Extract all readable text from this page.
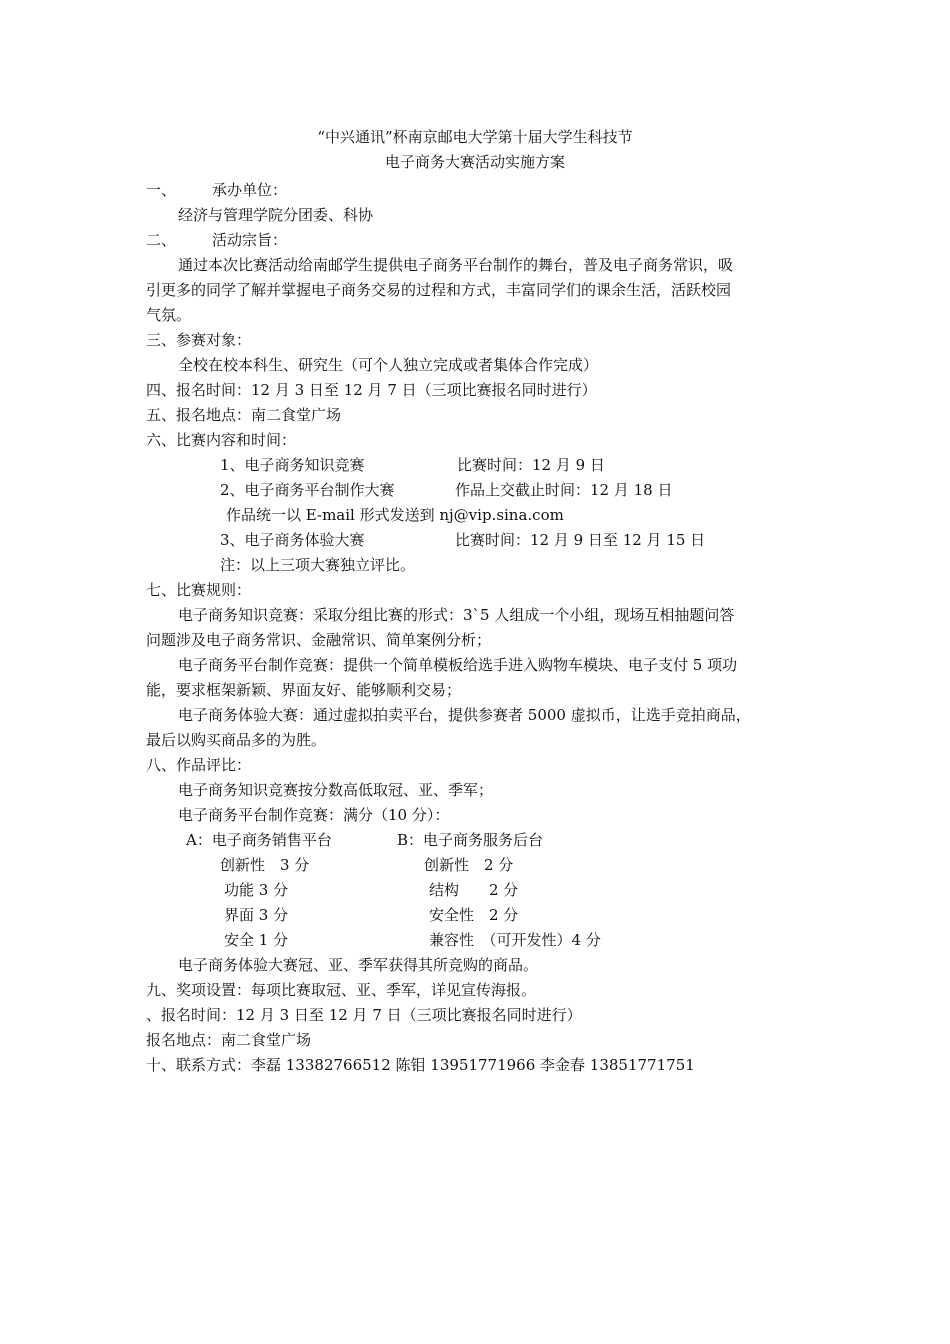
“中兴通讯”杯南京邮电大学第十届大学生科技节
电子商务大赛活动实施方案
一、 承办单位：
经济与管理学院分团委、科协
二、 活动宗旨：
通过本次比赛活动给南邮学生提供电子商务平台制作的舞台，普及电子商务常识，吸
引更多的同学了解并掌握电子商务交易的过程和方式，丰富同学们的课余生活，活跃校园
气氛。
三、参赛对象：
全校在校本科生、研究生（可个人独立完成或者集体合作完成）
四、报名时间：12 月 3 日至 12 月 7 日（三项比赛报名同时进行）
五、报名地点：南二食堂广场
六、比赛内容和时间：
1、电子商务知识竞赛	比赛时间：12 月 9 日
2、电子商务平台制作大赛	作品上交截止时间：12 月 18 日
作品统一以 E-mail 形式发送到 nj@vip.sina.com
3、电子商务体验大赛	比赛时间：12 月 9 日至 12 月 15 日
注：以上三项大赛独立评比。
七、比赛规则：
电子商务知识竞赛：采取分组比赛的形式：3`5 人组成一个小组，现场互相抽题问答
问题涉及电子商务常识、金融常识、简单案例分析；
电子商务平台制作竞赛：提供一个简单模板给选手进入购物车模块、电子支付 5 项功
能，要求框架新颖、界面友好、能够顺利交易；
电子商务体验大赛：通过虚拟拍卖平台，提供参赛者 5000 虚拟币，让选手竞拍商品，
最后以购买商品多的为胜。
八、作品评比：
电子商务知识竞赛按分数高低取冠、亚、季军；
电子商务平台制作竞赛：满分（10 分）：
A：电子商务销售平台	B：电子商务服务后台
创新性　3 分	创新性　2 分
功能 3 分	结构　　2 分
界面 3 分	安全性　2 分
安全 1 分	兼容性　（可开发性）4 分
电子商务体验大赛冠、亚、季军获得其所竞购的商品。
九、奖项设置：每项比赛取冠、亚、季军，详见宣传海报。
、报名时间：12 月 3 日至 12 月 7 日（三项比赛报名同时进行）
报名地点：南二食堂广场
十、联系方式：李磊 13382766512 陈钼 13951771966 李金春 13851771751
